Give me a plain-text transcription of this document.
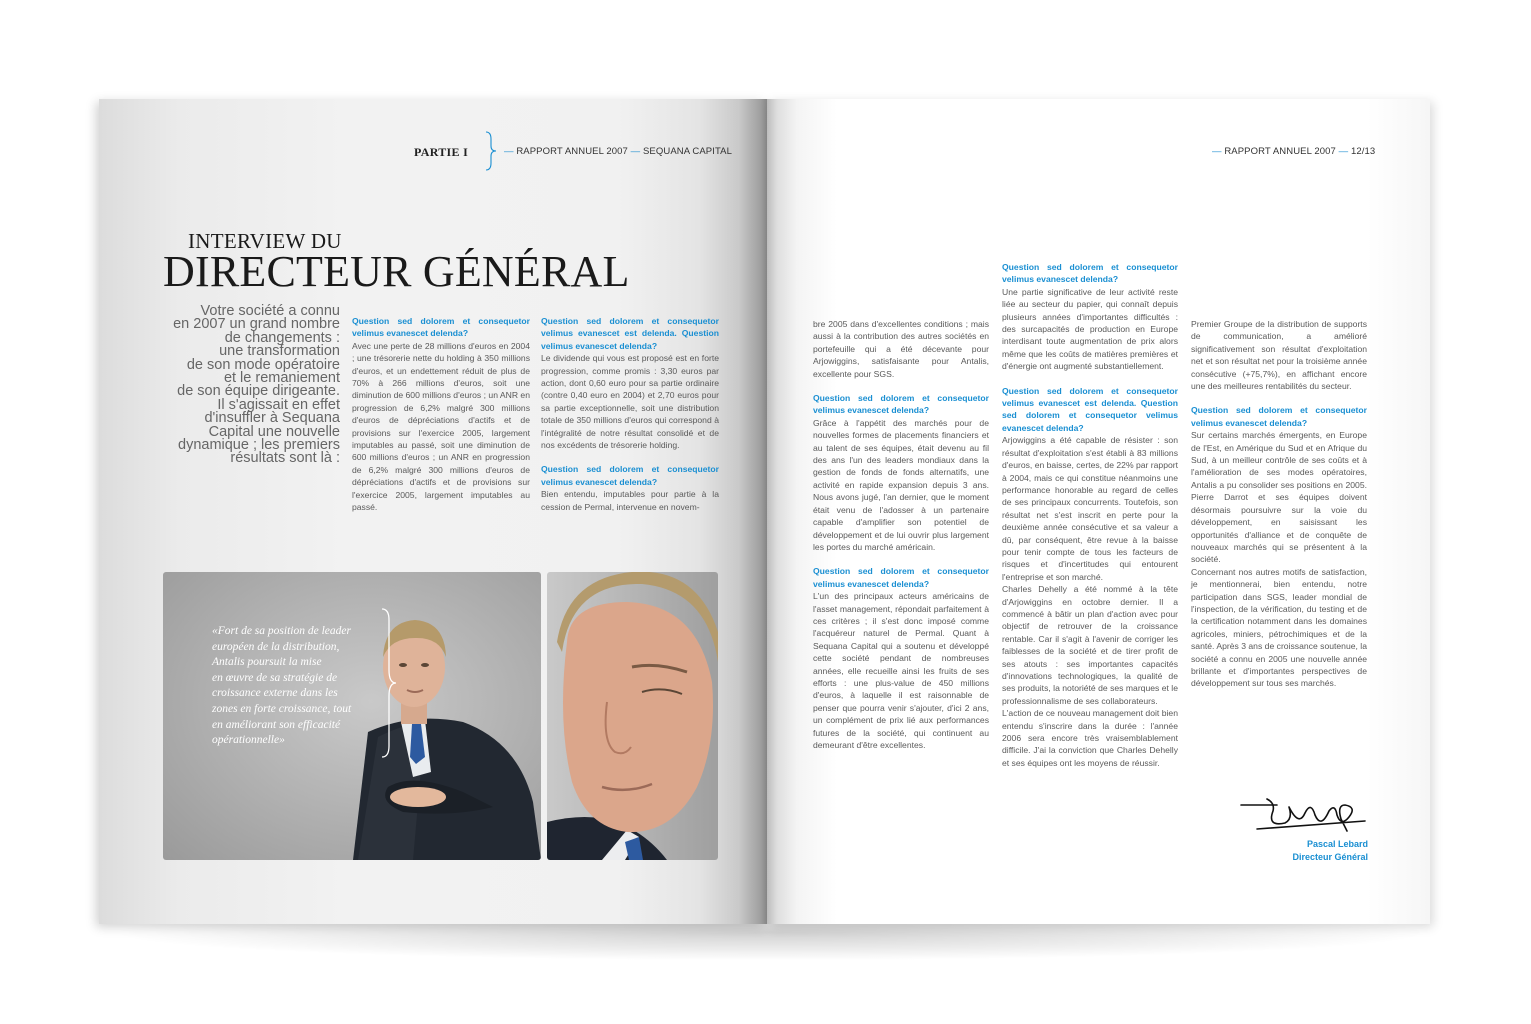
PARTIE I	— RAPPORT ANNUEL 2007 — SEQUANA CAPITAL
INTERVIEW DU
DIRECTEUR GÉNÉRAL
Votre société a connu
en 2007 un grand nombre
de changements :
une transformation
de son mode opératoire
et le remaniement
de son équipe dirigeante.
Il s'agissait en effet
d'insuffler à Sequana
Capital une nouvelle
dynamique ; les premiers
résultats sont là :
Question sed dolorem et consequetor velimus evanescet delenda?
Avec une perte de 28 millions d'euros en 2004 ; une trésorerie nette du holding à 350 millions d'euros, et un endettement réduit de plus de 70% à 266 millions d'euros, soit une diminution de 600 millions d'euros ; un ANR en progression de 6,2% malgré 300 millions d'euros de dépréciations d'actifs et de provisions sur l'exercice 2005, largement imputables au passé, soit une diminution de 600 millions d'euros ; un ANR en progression de 6,2% malgré 300 millions d'euros de dépréciations d'actifs et de provisions sur l'exercice 2005, largement imputables au passé.
Question sed dolorem et consequetor velimus evanescet est delenda. Question velimus evanescet delenda?
Le dividende qui vous est proposé est en forte progression, comme promis : 3,30 euros par action, dont 0,60 euro pour sa partie ordinaire (contre 0,40 euro en 2004) et 2,70 euros pour sa partie exceptionnelle, soit une distribution totale de 350 millions d'euros qui correspond à l'intégralité de notre résultat consolidé et de nos excédents de trésorerie holding.
Question sed dolorem et consequetor velimus evanescet delenda?
Bien entendu, imputables pour partie à la cession de Permal, intervenue en novem-
«Fort de sa position de leader
européen de la distribution,
Antalis poursuit la mise
en œuvre de sa stratégie de
croissance externe dans les
zones en forte croissance, tout
en améliorant son efficacité
opérationnelle»
— RAPPORT ANNUEL 2007 — 12/13
bre 2005 dans d'excellentes conditions ; mais aussi à la contribution des autres sociétés en portefeuille qui a été décevante pour Arjowiggins, satisfaisante pour Antalis, excellente pour SGS.
Question sed dolorem et consequetor velimus evanescet delenda?
Grâce à l'appétit des marchés pour de nouvelles formes de placements financiers et au talent de ses équipes, était devenu au fil des ans l'un des leaders mondiaux dans la gestion de fonds de fonds alternatifs, une activité en rapide expansion depuis 3 ans. Nous avons jugé, l'an dernier, que le moment était venu de l'adosser à un partenaire capable d'amplifier son potentiel de développement et de lui ouvrir plus largement les portes du marché américain.
Question sed dolorem et consequetor velimus evanescet delenda?
L'un des principaux acteurs américains de l'asset management, répondait parfaitement à ces critères ; il s'est donc imposé comme l'acquéreur naturel de Permal. Quant à Sequana Capital qui a soutenu et développé cette société pendant de nombreuses années, elle recueille ainsi les fruits de ses efforts : une plus-value de 450 millions d'euros, à laquelle il est raisonnable de penser que pourra venir s'ajouter, d'ici 2 ans, un complément de prix lié aux performances futures de la société, qui continuent au demeurant d'être excellentes.
Question sed dolorem et consequetor velimus evanescet delenda?
Une partie significative de leur activité reste liée au secteur du papier, qui connaît depuis plusieurs années d'importantes difficultés : des surcapacités de production en Europe interdisant toute augmentation de prix alors même que les coûts de matières premières et d'énergie ont augmenté substantiellement.
Question sed dolorem et consequetor velimus evanescet est delenda. Question sed dolorem et consequetor velimus evanescet delenda?
Arjowiggins a été capable de résister : son résultat d'exploitation s'est établi à 83 millions d'euros, en baisse, certes, de 22% par rapport à 2004, mais ce qui constitue néanmoins une performance honorable au regard de celles de ses principaux concurrents. Toutefois, son résultat net s'est inscrit en perte pour la deuxième année consécutive et sa valeur a dû, par conséquent, être revue à la baisse pour tenir compte de tous les facteurs de risques et d'incertitudes qui entourent l'entreprise et son marché.
Charles Dehelly a été nommé à la tête d'Arjowiggins en octobre dernier. Il a commencé à bâtir un plan d'action avec pour objectif de retrouver de la croissance rentable. Car il s'agit à l'avenir de corriger les faiblesses de la société et de tirer profit de ses atouts : ses importantes capacités d'innovations technologiques, la qualité de ses produits, la notoriété de ses marques et le professionnalisme de ses collaborateurs.
L'action de ce nouveau management doit bien entendu s'inscrire dans la durée : l'année 2006 sera encore très vraisemblablement difficile. J'ai la conviction que Charles Dehelly et ses équipes ont les moyens de réussir.
Premier Groupe de la distribution de supports de communication, a amélioré significativement son résultat d'exploitation net et son résultat net pour la troisième année consécutive (+75,7%), en affichant encore une des meilleures rentabilités du secteur.
Question sed dolorem et consequetor velimus evanescet delenda?
Sur certains marchés émergents, en Europe de l'Est, en Amérique du Sud et en Afrique du Sud, à un meilleur contrôle de ses coûts et à l'amélioration de ses modes opératoires, Antalis a pu consolider ses positions en 2005. Pierre Darrot et ses équipes doivent désormais poursuivre sur la voie du développement, en saisissant les opportunités d'alliance et de conquête de nouveaux marchés qui se présentent à la société.
Concernant nos autres motifs de satisfaction, je mentionnerai, bien entendu, notre participation dans SGS, leader mondial de l'inspection, de la vérification, du testing et de la certification notamment dans les domaines agricoles, miniers, pétrochimiques et de la santé. Après 3 ans de croissance soutenue, la société a connu en 2005 une nouvelle année brillante et d'importantes perspectives de développement sur tous ses marchés.
Pascal Lebard
Directeur Général
